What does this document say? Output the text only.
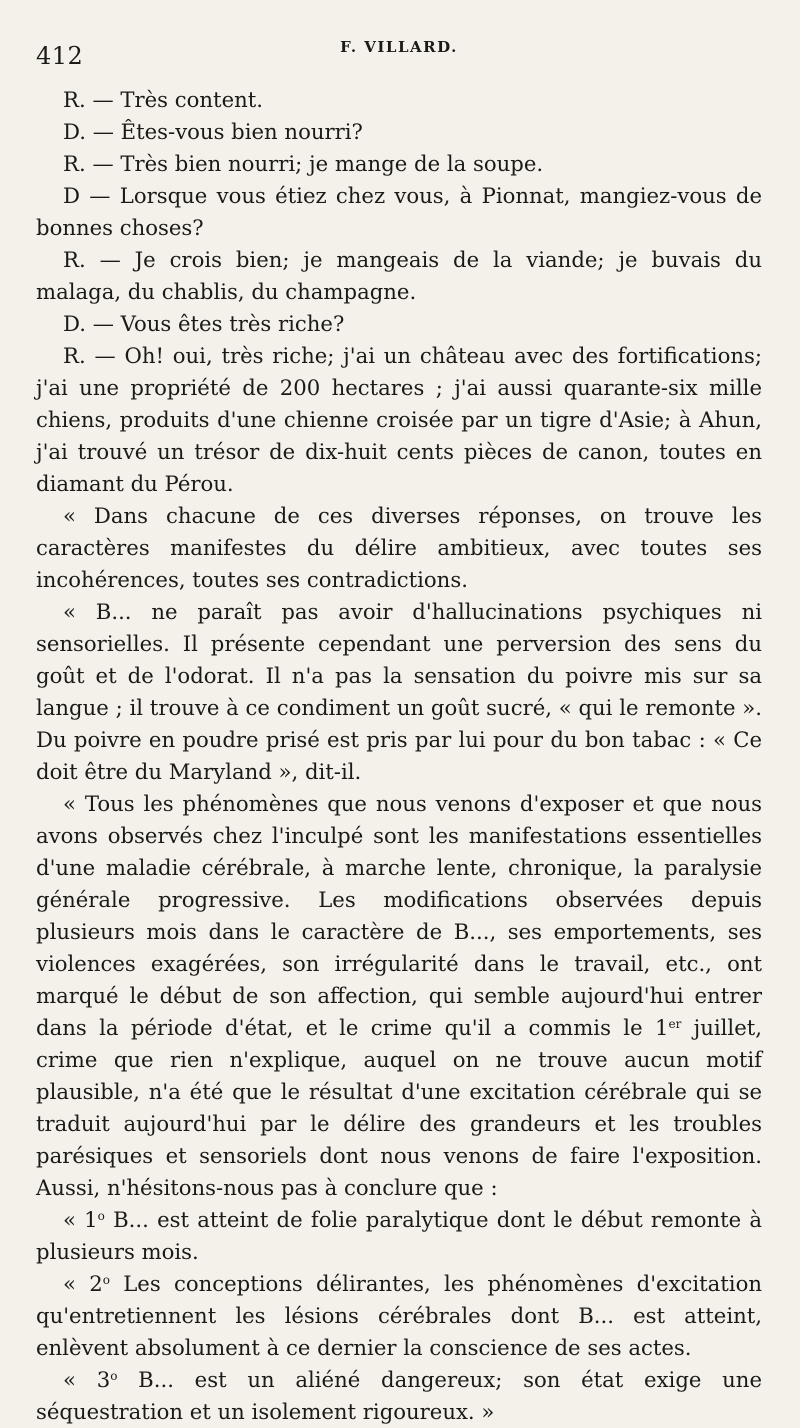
412	F. VILLARD.

R. — Très content.

D. — Êtes-vous bien nourri?

R. — Très bien nourri; je mange de la soupe.

D — Lorsque vous étiez chez vous, à Pionnat, mangiez-vous de bonnes choses?

R. — Je crois bien; je mangeais de la viande; je buvais du malaga, du chablis, du champagne.

D. — Vous êtes très riche?

R. — Oh! oui, très riche; j'ai un château avec des fortifications; j'ai une propriété de 200 hectares ; j'ai aussi quarante-six mille chiens, produits d'une chienne croisée par un tigre d'Asie; à Ahun, j'ai trouvé un trésor de dix-huit cents pièces de canon, toutes en diamant du Pérou.

« Dans chacune de ces diverses réponses, on trouve les caractères manifestes du délire ambitieux, avec toutes ses incohérences, toutes ses contradictions.

« B... ne paraît pas avoir d'hallucinations psychiques ni sensorielles. Il présente cependant une perversion des sens du goût et de l'odorat. Il n'a pas la sensation du poivre mis sur sa langue ; il trouve à ce condiment un goût sucré, « qui le remonte ». Du poivre en poudre prisé est pris par lui pour du bon tabac : « Ce doit être du Maryland », dit-il.

« Tous les phénomènes que nous venons d'exposer et que nous avons observés chez l'inculpé sont les manifestations essentielles d'une maladie cérébrale, à marche lente, chronique, la paralysie générale progressive. Les modifications observées depuis plusieurs mois dans le caractère de B..., ses emportements, ses violences exagérées, son irrégularité dans le travail, etc., ont marqué le début de son affection, qui semble aujourd'hui entrer dans la période d'état, et le crime qu'il a commis le 1er juillet, crime que rien n'explique, auquel on ne trouve aucun motif plausible, n'a été que le résultat d'une excitation cérébrale qui se traduit aujourd'hui par le délire des grandeurs et les troubles parésiques et sensoriels dont nous venons de faire l'exposition. Aussi, n'hésitons-nous pas à conclure que :

« 1$^o$ B... est atteint de folie paralytique dont le début remonte à plusieurs mois.

« 2$^o$ Les conceptions délirantes, les phénomènes d'excitation qu'entretiennent les lésions cérébrales dont B... est atteint, enlèvent absolument à ce dernier la conscience de ses actes.

« 3$^o$ B... est un aliéné dangereux; son état exige une séquestration et un isolement rigoureux. »
